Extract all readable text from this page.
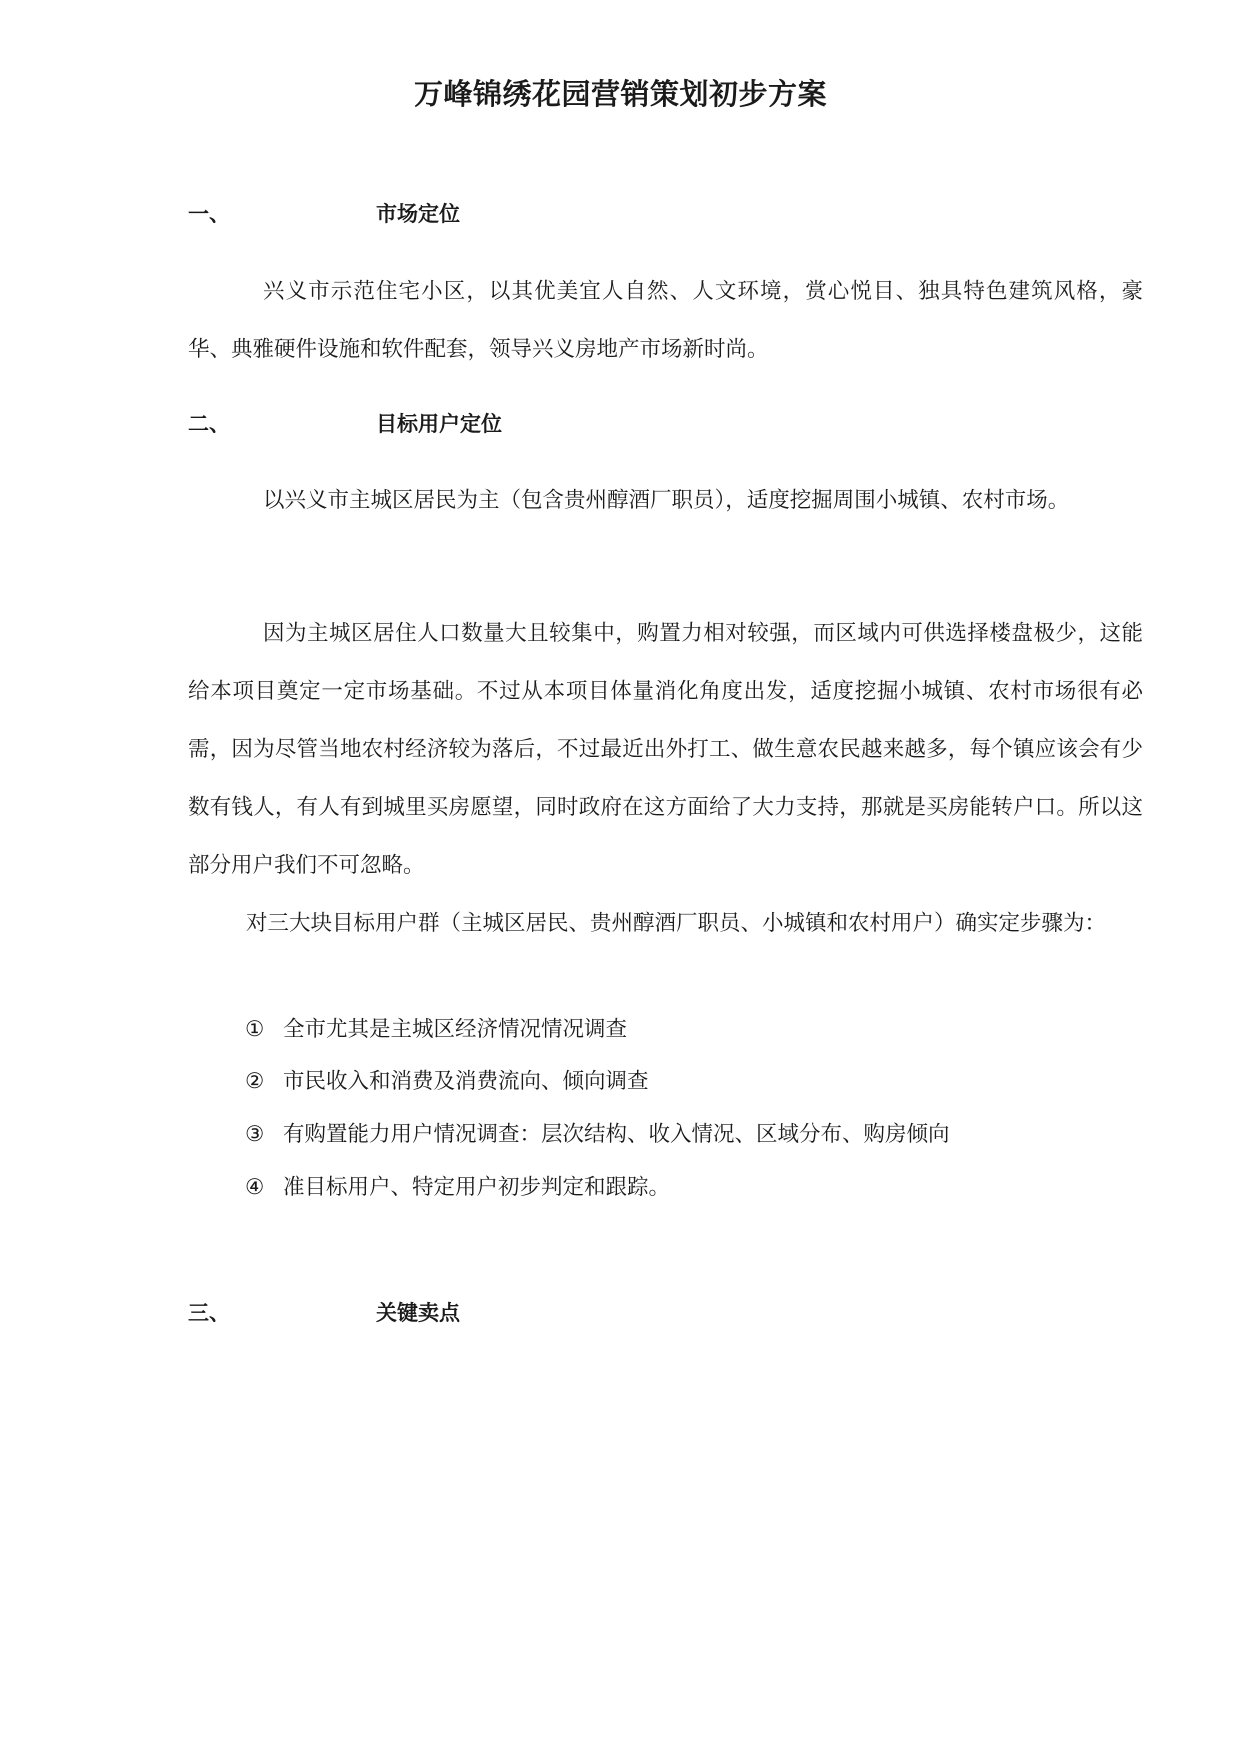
万峰锦绣花园营销策划初步方案
一、	市场定位
兴义市示范住宅小区，以其优美宜人自然、人文环境，赏心悦目、独具特色建筑风格，豪华、典雅硬件设施和软件配套，领导兴义房地产市场新时尚。
二、	目标用户定位
以兴义市主城区居民为主（包含贵州醇酒厂职员），适度挖掘周围小城镇、农村市场。
因为主城区居住人口数量大且较集中，购置力相对较强，而区域内可供选择楼盘极少，这能给本项目奠定一定市场基础。不过从本项目体量消化角度出发，适度挖掘小城镇、农村市场很有必需，因为尽管当地农村经济较为落后，不过最近出外打工、做生意农民越来越多，每个镇应该会有少数有钱人，有人有到城里买房愿望，同时政府在这方面给了大力支持，那就是买房能转户口。所以这部分用户我们不可忽略。
对三大块目标用户群（主城区居民、贵州醇酒厂职员、小城镇和农村用户）确实定步骤为：
① 全市尤其是主城区经济情况情况调查
② 市民收入和消费及消费流向、倾向调查
③ 有购置能力用户情况调查：层次结构、收入情况、区域分布、购房倾向
④ 准目标用户、特定用户初步判定和跟踪。
三、	关键卖点
